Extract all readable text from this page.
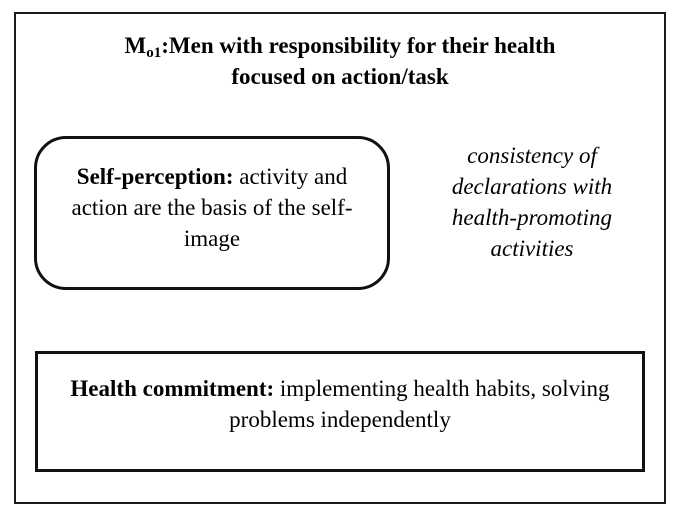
$M_{o1}:Men$ with responsibility for their health
focused on action/task
Self-perception: activity and action are the basis of the self-image
consistency of
declarations with
health-promoting
activities
Health commitment: implementing health habits, solving problems independently
